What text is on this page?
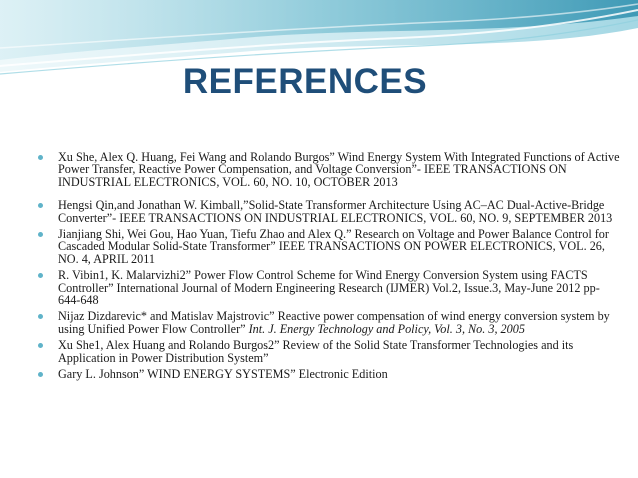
REFERENCES
Xu She, Alex Q. Huang, Fei Wang and Rolando Burgos” Wind Energy System With Integrated Functions of Active Power Transfer, Reactive Power Compensation, and Voltage Conversion”- IEEE TRANSACTIONS ON INDUSTRIAL ELECTRONICS, VOL. 60, NO. 10, OCTOBER 2013
Hengsi Qin,and Jonathan W. Kimball,”Solid-State Transformer Architecture Using AC–AC Dual-Active-Bridge Converter”- IEEE TRANSACTIONS ON INDUSTRIAL ELECTRONICS, VOL. 60, NO. 9, SEPTEMBER 2013
Jianjiang Shi, Wei Gou, Hao Yuan, Tiefu Zhao and Alex Q.” Research on Voltage and Power Balance Control for Cascaded Modular Solid-State Transformer” IEEE TRANSACTIONS ON POWER ELECTRONICS, VOL. 26, NO. 4, APRIL 2011
R. Vibin1, K. Malarvizhi2” Power Flow Control Scheme for Wind Energy Conversion System using FACTS Controller” International Journal of Modern Engineering Research (IJMER) Vol.2, Issue.3, May-June 2012 pp-644-648
Nijaz Dizdarevic* and Matislav Majstrovic” Reactive power compensation of wind energy conversion system by using Unified Power Flow Controller” Int. J. Energy Technology and Policy, Vol. 3, No. 3, 2005
Xu She1, Alex Huang and Rolando Burgos2” Review of the Solid State Transformer Technologies and its Application in Power Distribution System”
Gary L. Johnson” WIND ENERGY SYSTEMS” Electronic Edition
